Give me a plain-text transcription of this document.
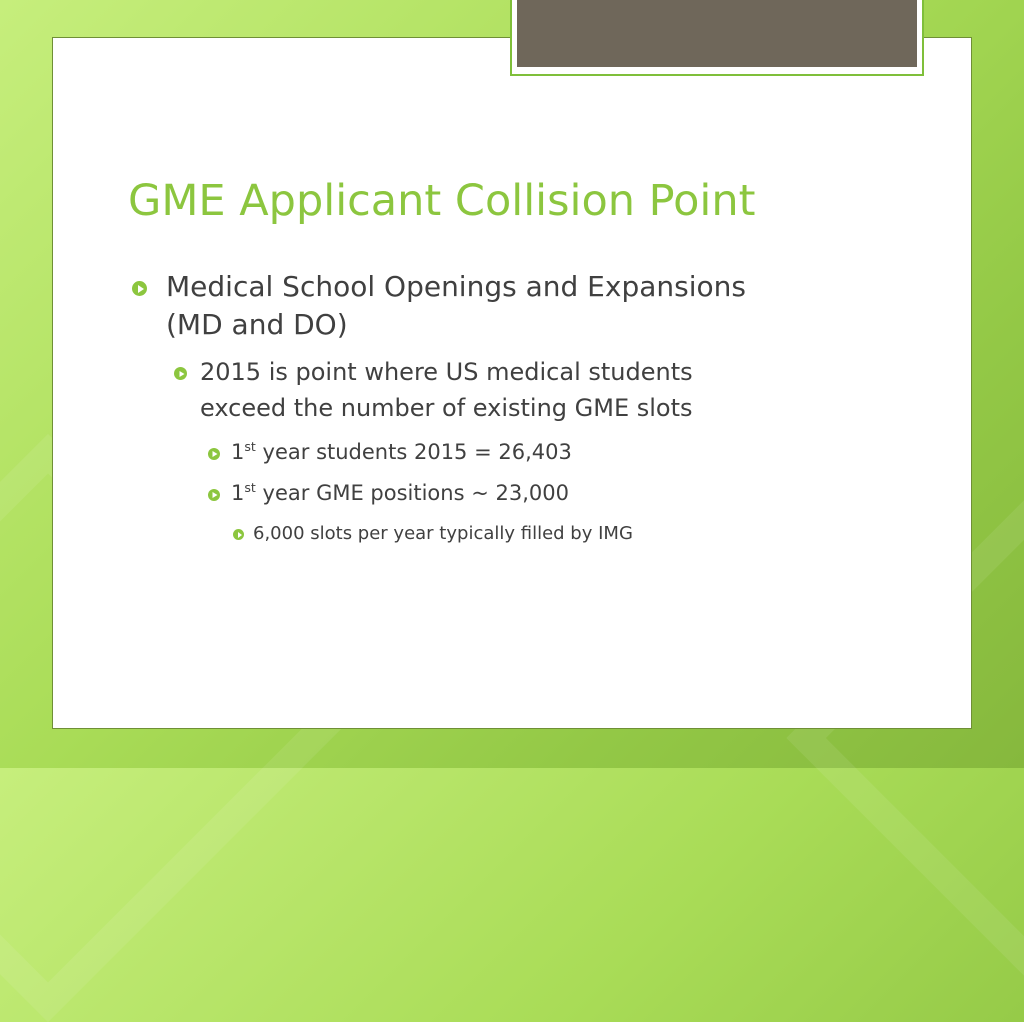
GME Applicant Collision Point
Medical School Openings and Expansions
(MD and DO)
2015 is point where US medical students
exceed the number of existing GME slots
1st year students 2015 = 26,403
1st year GME positions ~ 23,000
6,000 slots per year typically filled by IMG
